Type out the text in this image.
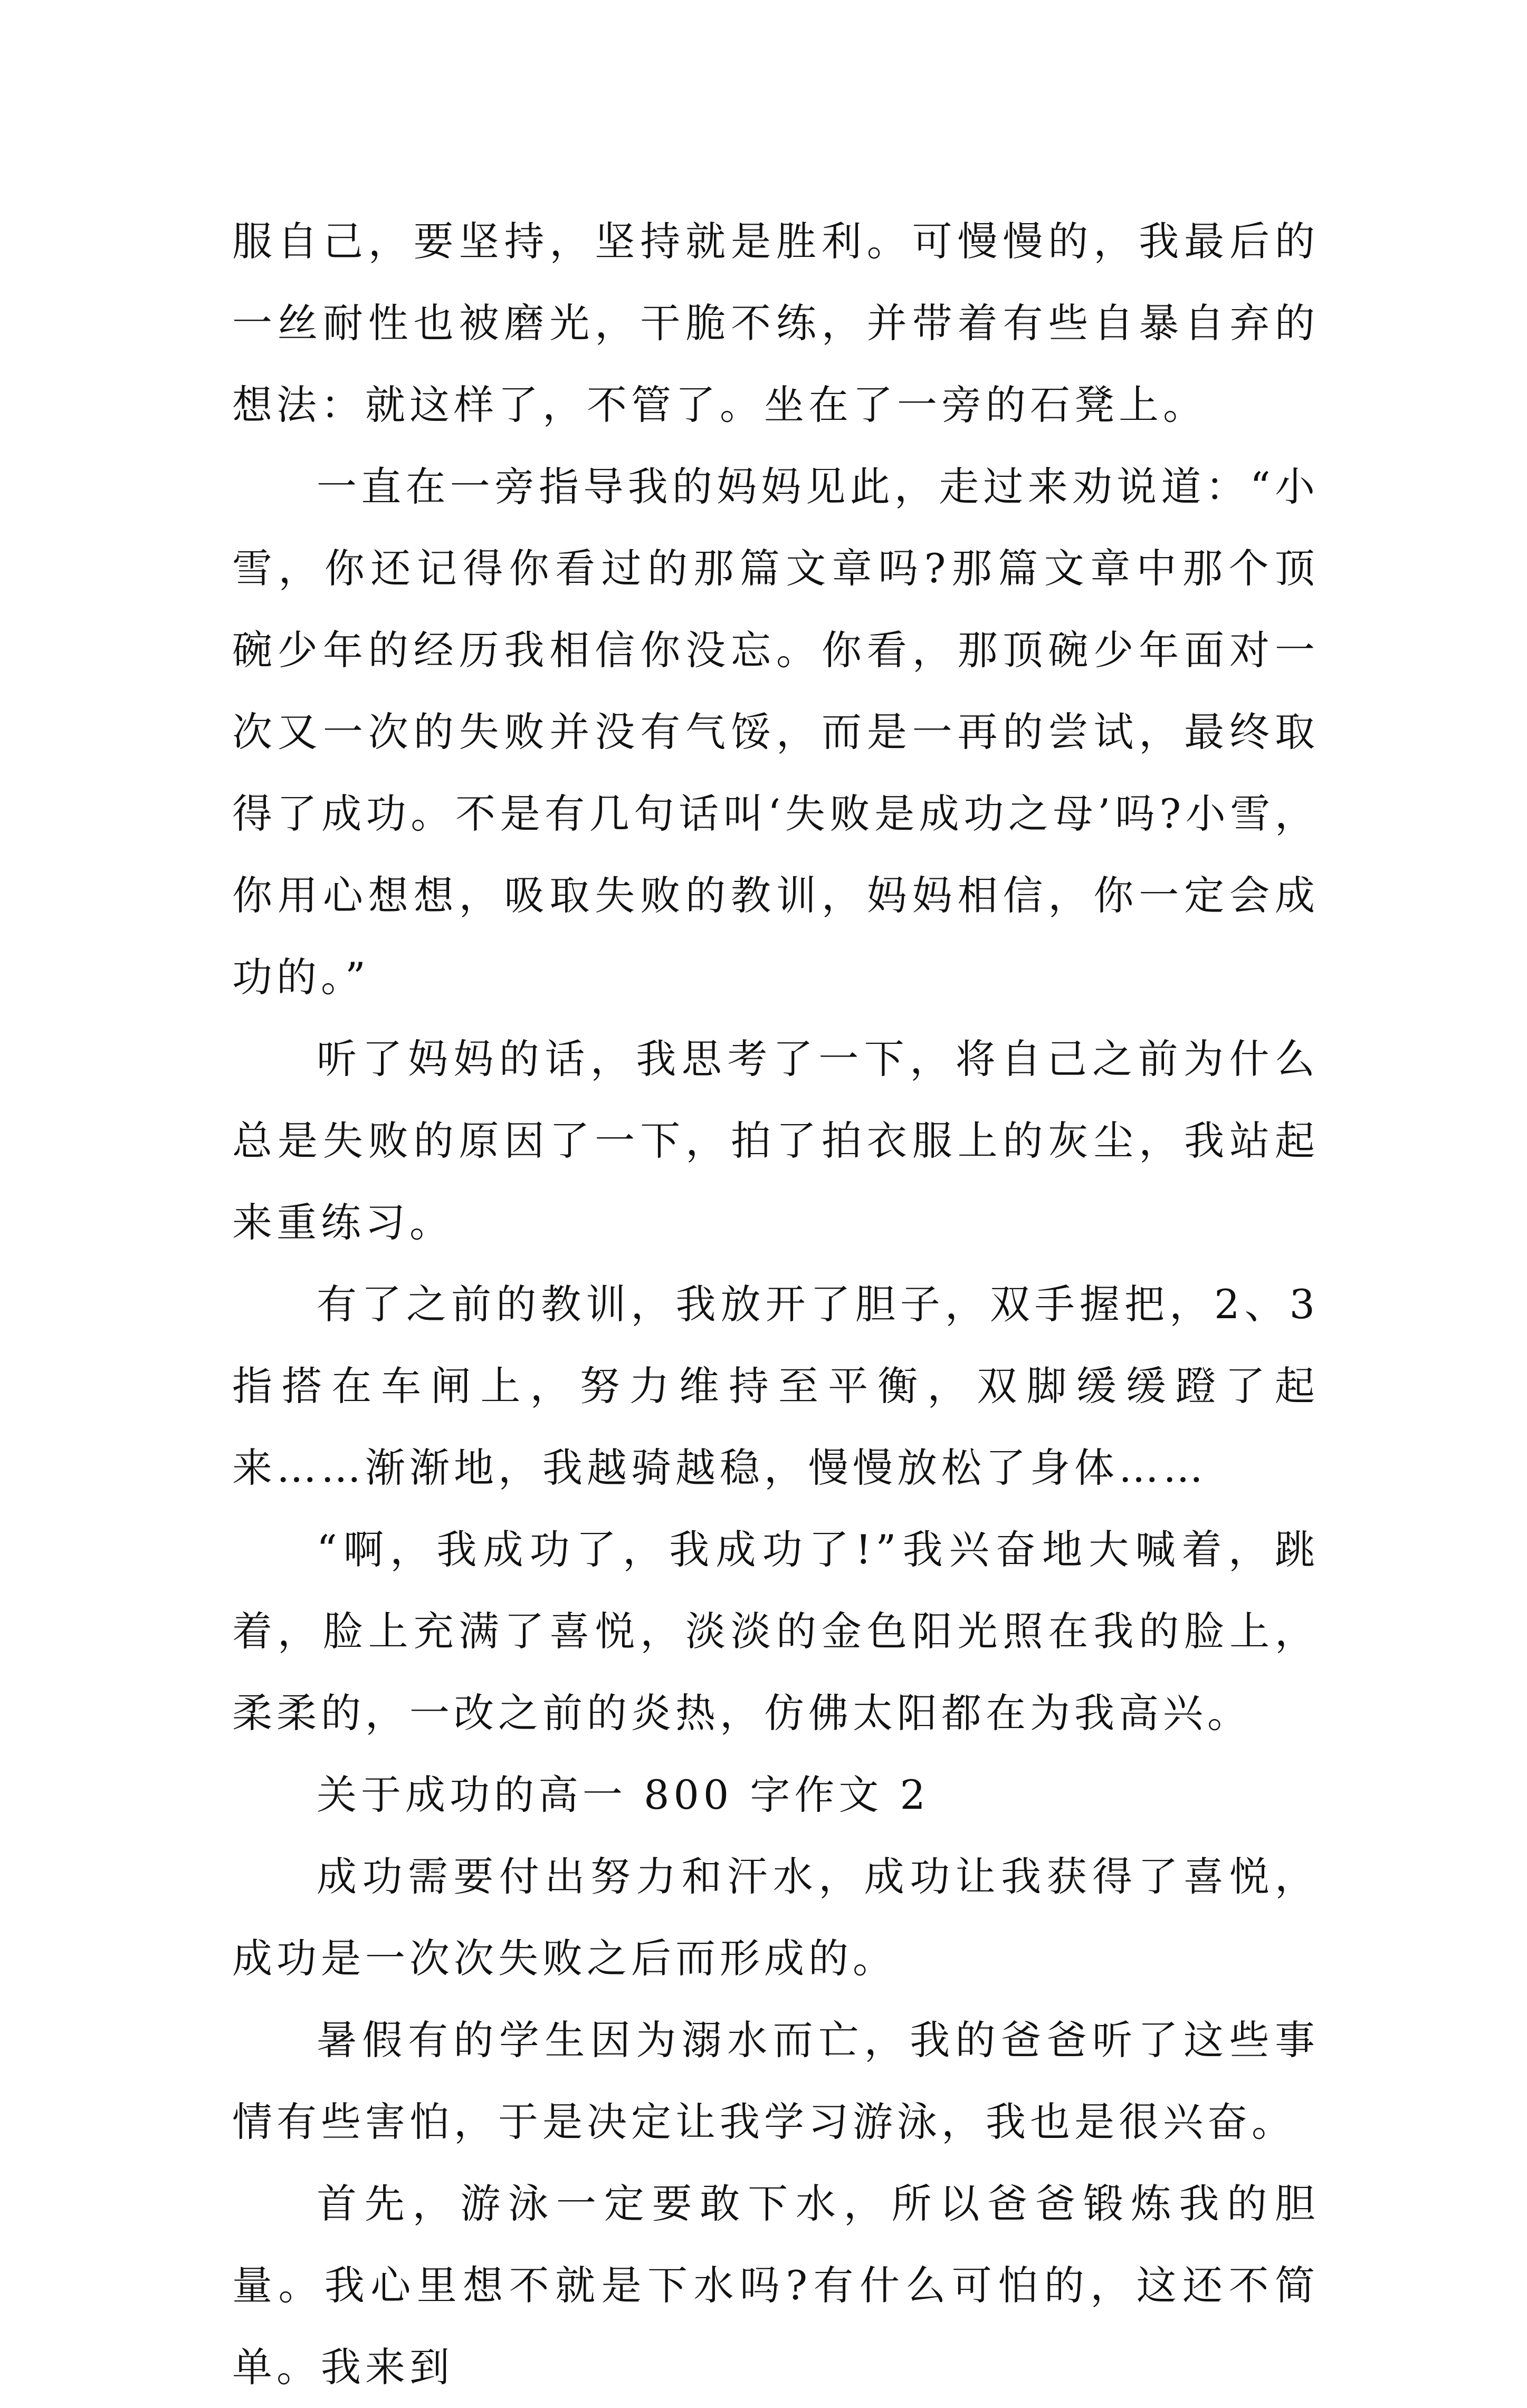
服自己，要坚持，坚持就是胜利。可慢慢的，我最后的一丝耐性也被磨光，干脆不练，并带着有些自暴自弃的想法：就这样了，不管了。坐在了一旁的石凳上。

一直在一旁指导我的妈妈见此，走过来劝说道：“小雪，你还记得你看过的那篇文章吗?那篇文章中那个顶碗少年的经历我相信你没忘。你看，那顶碗少年面对一次又一次的失败并没有气馁，而是一再的尝试，最终取得了成功。不是有几句话叫‘失败是成功之母’吗?小雪，你用心想想，吸取失败的教训，妈妈相信，你一定会成功的。”

听了妈妈的话，我思考了一下，将自己之前为什么总是失败的原因了一下，拍了拍衣服上的灰尘，我站起来重练习。

有了之前的教训，我放开了胆子，双手握把，2、3 指搭在车闸上，努力维持至平衡，双脚缓缓蹬了起来……渐渐地，我越骑越稳，慢慢放松了身体……

“啊，我成功了，我成功了!”我兴奋地大喊着，跳着，脸上充满了喜悦，淡淡的金色阳光照在我的脸上，柔柔的，一改之前的炎热，仿佛太阳都在为我高兴。

关于成功的高一 800 字作文 2

成功需要付出努力和汗水，成功让我获得了喜悦，成功是一次次失败之后而形成的。

暑假有的学生因为溺水而亡，我的爸爸听了这些事情有些害怕，于是决定让我学习游泳，我也是很兴奋。

首先，游泳一定要敢下水，所以爸爸锻炼我的胆量。我心里想不就是下水吗?有什么可怕的，这还不简单。我来到
